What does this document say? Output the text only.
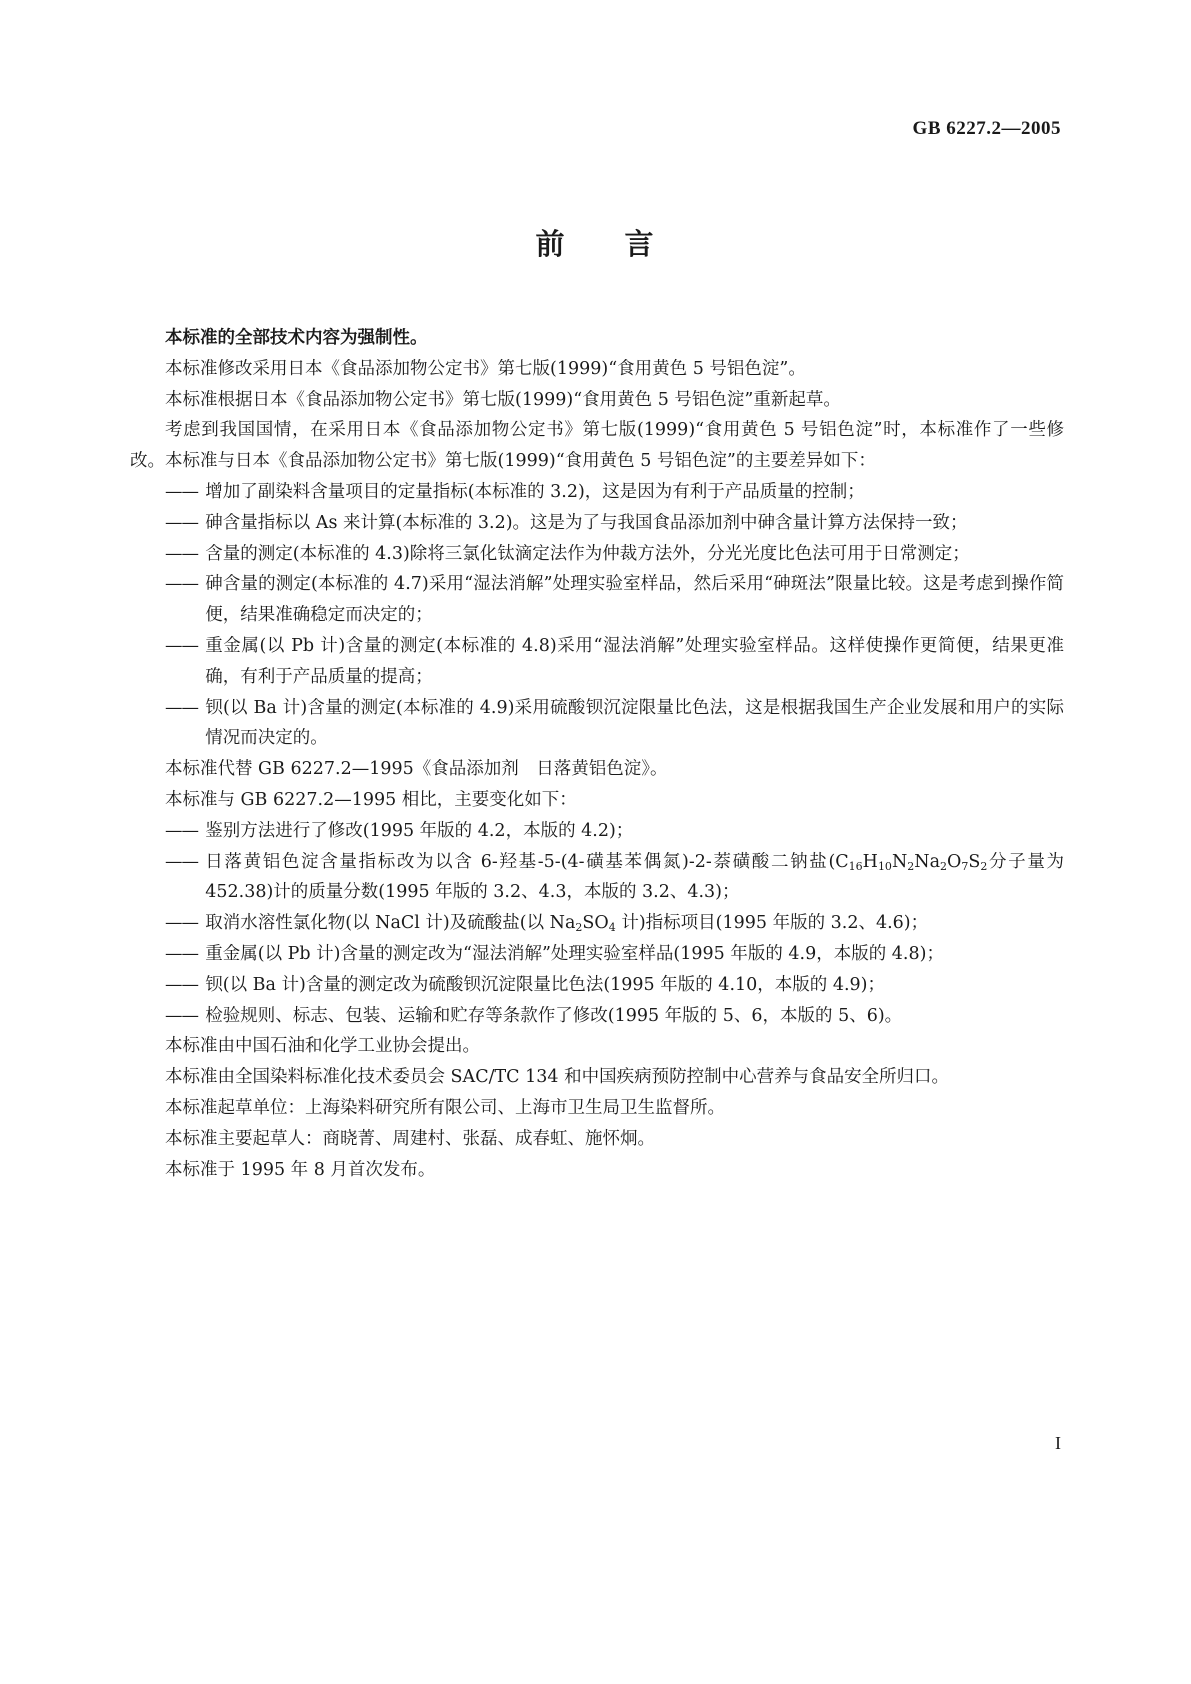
GB 6227.2—2005
前 言

本标准的全部技术内容为强制性。

本标准修改采用日本《食品添加物公定书》第七版(1999)“食用黄色 5 号铝色淀”。

本标准根据日本《食品添加物公定书》第七版(1999)“食用黄色 5 号铝色淀”重新起草。

考虑到我国国情，在采用日本《食品添加物公定书》第七版(1999)“食用黄色 5 号铝色淀”时，本标准作了一些修改。本标准与日本《食品添加物公定书》第七版(1999)“食用黄色 5 号铝色淀”的主要差异如下：

—— 增加了副染料含量项目的定量指标(本标准的 3.2)，这是因为有利于产品质量的控制；
—— 砷含量指标以 As 来计算(本标准的 3.2)。这是为了与我国食品添加剂中砷含量计算方法保持一致；
—— 含量的测定(本标准的 4.3)除将三氯化钛滴定法作为仲裁方法外，分光光度比色法可用于日常测定；
—— 砷含量的测定(本标准的 4.7)采用“湿法消解”处理实验室样品，然后采用“砷斑法”限量比较。这是考虑到操作简便，结果准确稳定而决定的；
—— 重金属(以 Pb 计)含量的测定(本标准的 4.8)采用“湿法消解”处理实验室样品。这样使操作更简便，结果更准确，有利于产品质量的提高；
—— 钡(以 Ba 计)含量的测定(本标准的 4.9)采用硫酸钡沉淀限量比色法，这是根据我国生产企业发展和用户的实际情况而决定的。

本标准代替 GB 6227.2—1995《食品添加剂　日落黄铝色淀》。

本标准与 GB 6227.2—1995 相比，主要变化如下：

—— 鉴别方法进行了修改(1995 年版的 4.2，本版的 4.2)；
—— 日落黄铝色淀含量指标改为以含 6-羟基-5-(4-磺基苯偶氮)-2-萘磺酸二钠盐($C_{16}H_{10}N_2Na_2O_7S_2$分子量为 452.38)计的质量分数(1995 年版的 3.2、4.3，本版的 3.2、4.3)；
—— 取消水溶性氯化物(以 NaCl 计)及硫酸盐(以 $Na_2SO_4$ 计)指标项目(1995 年版的 3.2、4.6)；
—— 重金属(以 Pb 计)含量的测定改为“湿法消解”处理实验室样品(1995 年版的 4.9，本版的 4.8)；
—— 钡(以 Ba 计)含量的测定改为硫酸钡沉淀限量比色法(1995 年版的 4.10，本版的 4.9)；
—— 检验规则、标志、包装、运输和贮存等条款作了修改(1995 年版的 5、6，本版的 5、6)。

本标准由中国石油和化学工业协会提出。

本标准由全国染料标准化技术委员会 SAC/TC 134 和中国疾病预防控制中心营养与食品安全所归口。

本标准起草单位：上海染料研究所有限公司、上海市卫生局卫生监督所。

本标准主要起草人：商晓菁、周建村、张磊、成春虹、施怀炯。

本标准于 1995 年 8 月首次发布。

I
